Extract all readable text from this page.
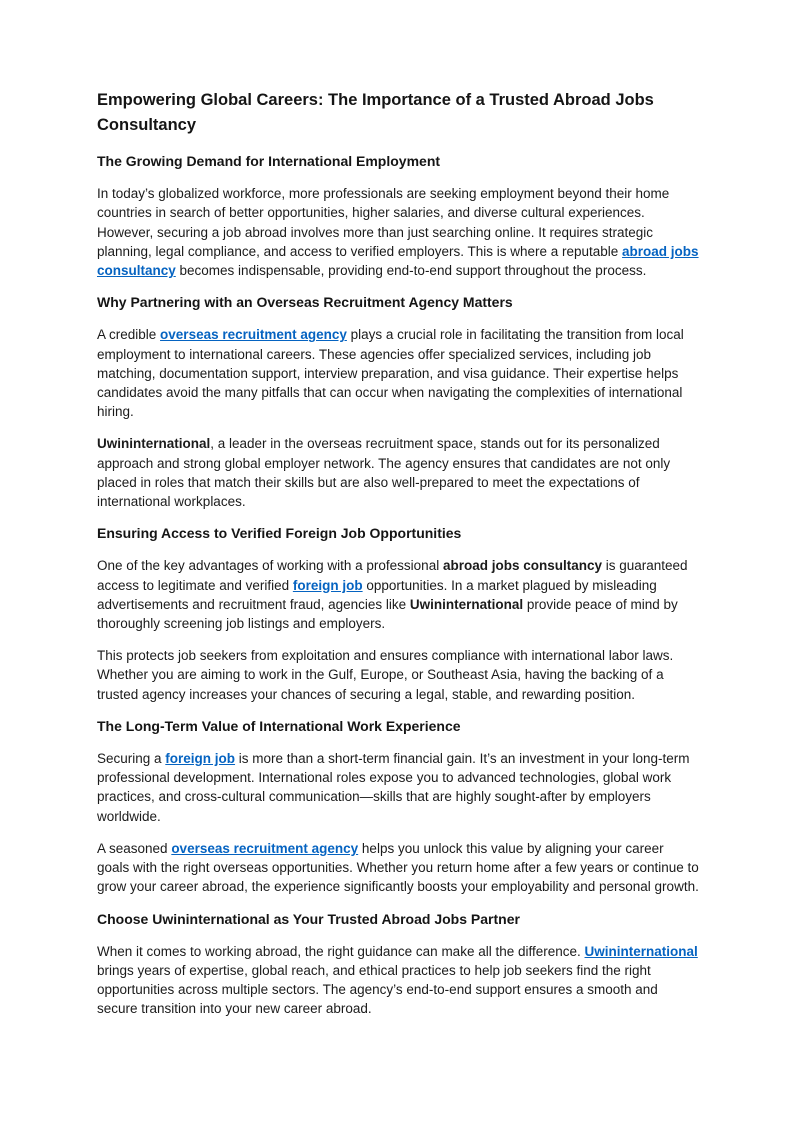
Empowering Global Careers: The Importance of a Trusted Abroad Jobs Consultancy
The Growing Demand for International Employment

In today’s globalized workforce, more professionals are seeking employment beyond their home countries in search of better opportunities, higher salaries, and diverse cultural experiences. However, securing a job abroad involves more than just searching online. It requires strategic planning, legal compliance, and access to verified employers. This is where a reputable abroad jobs consultancy becomes indispensable, providing end-to-end support throughout the process.

Why Partnering with an Overseas Recruitment Agency Matters

A credible overseas recruitment agency plays a crucial role in facilitating the transition from local employment to international careers. These agencies offer specialized services, including job matching, documentation support, interview preparation, and visa guidance. Their expertise helps candidates avoid the many pitfalls that can occur when navigating the complexities of international hiring.

Uwininternational, a leader in the overseas recruitment space, stands out for its personalized approach and strong global employer network. The agency ensures that candidates are not only placed in roles that match their skills but are also well-prepared to meet the expectations of international workplaces.

Ensuring Access to Verified Foreign Job Opportunities

One of the key advantages of working with a professional abroad jobs consultancy is guaranteed access to legitimate and verified foreign job opportunities. In a market plagued by misleading advertisements and recruitment fraud, agencies like Uwininternational provide peace of mind by thoroughly screening job listings and employers.

This protects job seekers from exploitation and ensures compliance with international labor laws. Whether you are aiming to work in the Gulf, Europe, or Southeast Asia, having the backing of a trusted agency increases your chances of securing a legal, stable, and rewarding position.

The Long-Term Value of International Work Experience

Securing a foreign job is more than a short-term financial gain. It’s an investment in your long-term professional development. International roles expose you to advanced technologies, global work practices, and cross-cultural communication—skills that are highly sought-after by employers worldwide.

A seasoned overseas recruitment agency helps you unlock this value by aligning your career goals with the right overseas opportunities. Whether you return home after a few years or continue to grow your career abroad, the experience significantly boosts your employability and personal growth.

Choose Uwininternational as Your Trusted Abroad Jobs Partner

When it comes to working abroad, the right guidance can make all the difference. Uwininternational brings years of expertise, global reach, and ethical practices to help job seekers find the right opportunities across multiple sectors. The agency’s end-to-end support ensures a smooth and secure transition into your new career abroad.
